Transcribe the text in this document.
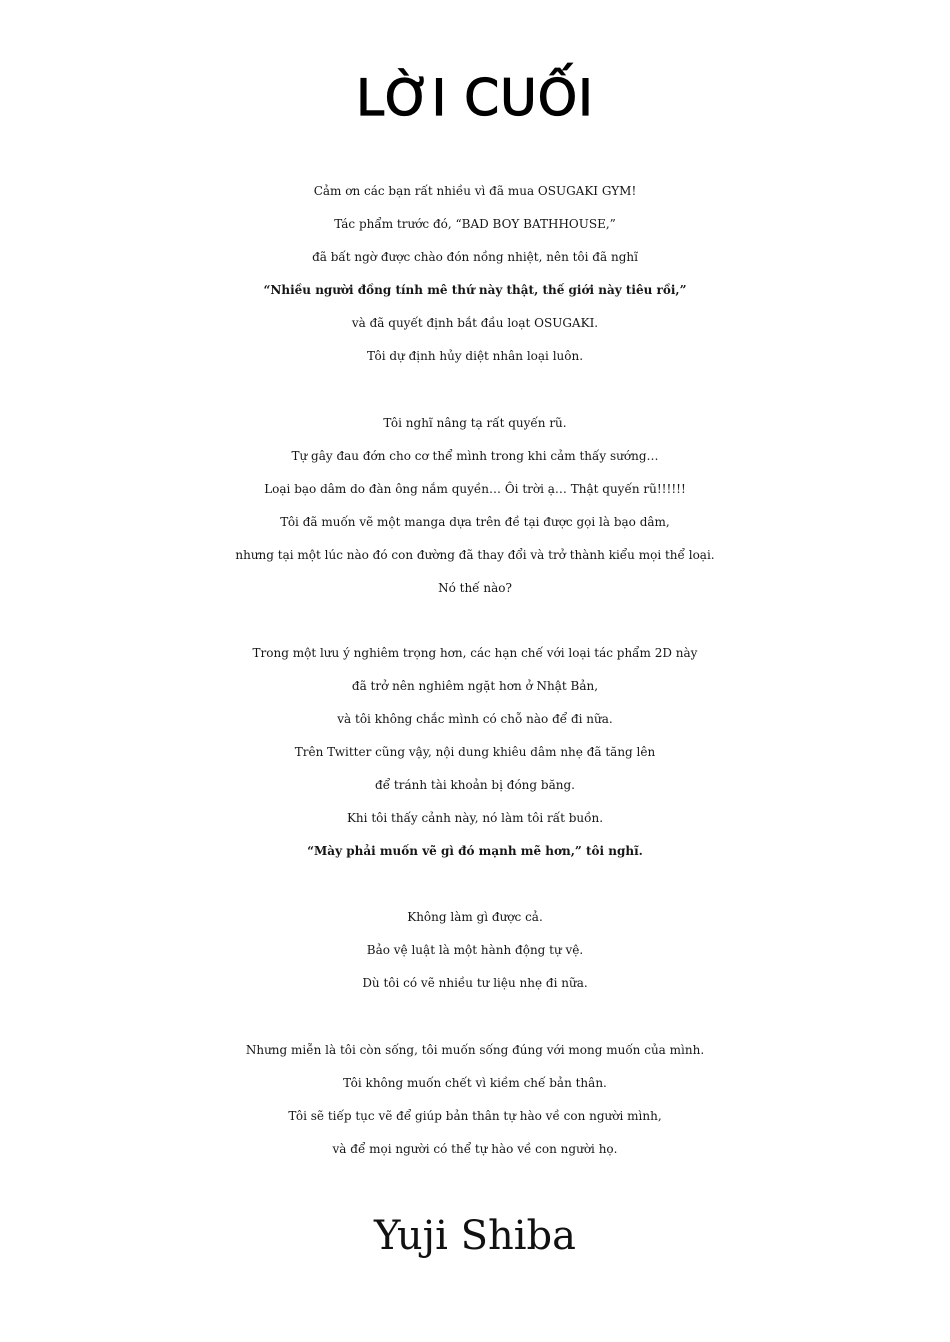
LỜI CUỐI
Cảm ơn các bạn rất nhiều vì đã mua OSUGAKI GYM!
Tác phẩm trước đó, “BAD BOY BATHHOUSE,”
đã bất ngờ được chào đón nồng nhiệt, nên tôi đã nghĩ
“Nhiều người đồng tính mê thứ này thật, thế giới này tiêu rồi,”
và đã quyết định bắt đầu loạt OSUGAKI.
Tôi dự định hủy diệt nhân loại luôn.
Tôi nghĩ nâng tạ rất quyến rũ.
Tự gây đau đớn cho cơ thể mình trong khi cảm thấy sướng…
Loại bạo dâm do đàn ông nắm quyền… Ôi trời ạ… Thật quyến rũ!!!!!!
Tôi đã muốn vẽ một manga dựa trên đề tại được gọi là bạo dâm,
nhưng tại một lúc nào đó con đường đã thay đổi và trở thành kiểu mọi thể loại.
Nó thế nào?
Trong một lưu ý nghiêm trọng hơn, các hạn chế với loại tác phẩm 2D này
đã trở nên nghiêm ngặt hơn ở Nhật Bản,
và tôi không chắc mình có chỗ nào để đi nữa.
Trên Twitter cũng vậy, nội dung khiêu dâm nhẹ đã tăng lên
để tránh tài khoản bị đóng băng.
Khi tôi thấy cảnh này, nó làm tôi rất buồn.
“Mày phải muốn vẽ gì đó mạnh mẽ hơn,” tôi nghĩ.
Không làm gì được cả.
Bảo vệ luật là một hành động tự vệ.
Dù tôi có vẽ nhiều tư liệu nhẹ đi nữa.
Nhưng miễn là tôi còn sống, tôi muốn sống đúng với mong muốn của mình.
Tôi không muốn chết vì kiềm chế bản thân.
Tôi sẽ tiếp tục vẽ để giúp bản thân tự hào về con người mình,
và để mọi người có thể tự hào về con người họ.
Yuji Shiba
